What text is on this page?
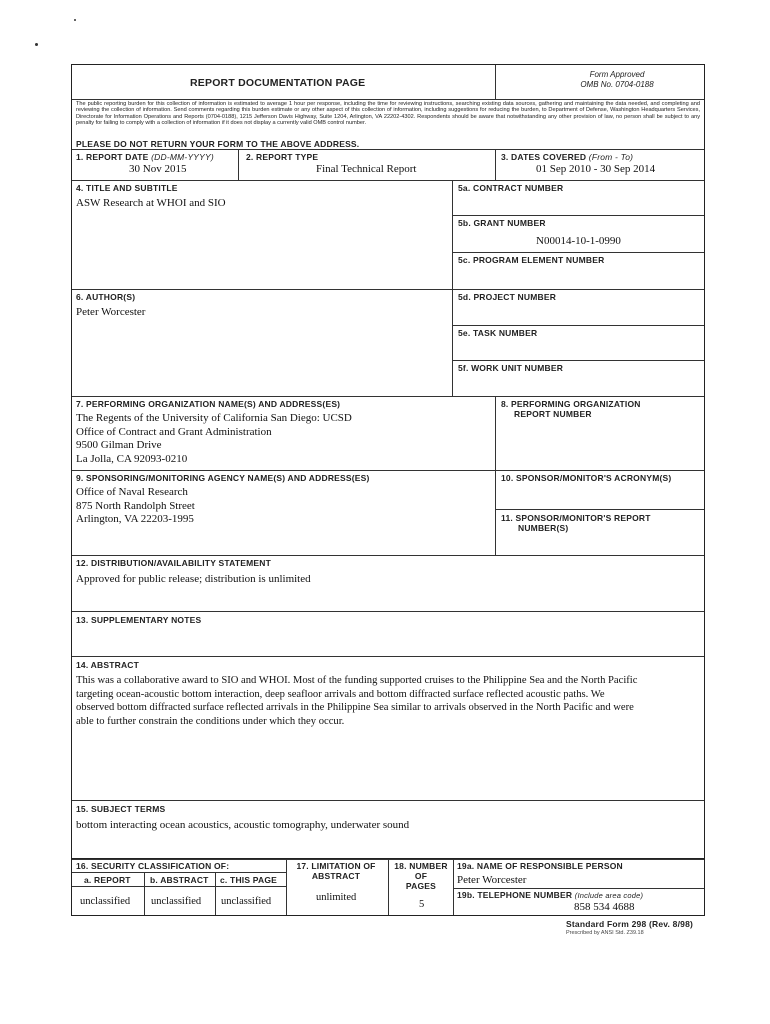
REPORT DOCUMENTATION PAGE
Form Approved
OMB No. 0704-0188
The public reporting burden for this collection of information is estimated to average 1 hour per response, including the time for reviewing instructions, searching existing data sources, gathering and maintaining the data needed, and completing and reviewing the collection of information. Send comments regarding this burden estimate or any other aspect of this collection of information, including suggestions for reducing the burden, to Department of Defense, Washington Headquarters Services, Directorate for Information Operations and Reports (0704-0188), 1215 Jefferson Davis Highway, Suite 1204, Arlington, VA 22202-4302. Respondents should be aware that notwithstanding any other provision of law, no person shall be subject to any penalty for failing to comply with a collection of information if it does not display a currently valid OMB control number.
PLEASE DO NOT RETURN YOUR FORM TO THE ABOVE ADDRESS.
1. REPORT DATE (DD-MM-YYYY)
30 Nov 2015
2. REPORT TYPE
Final Technical Report
3. DATES COVERED (From - To)
01 Sep 2010 - 30 Sep 2014
4. TITLE AND SUBTITLE
ASW Research at WHOI and SIO
5a. CONTRACT NUMBER
5b. GRANT NUMBER
N00014-10-1-0990
5c. PROGRAM ELEMENT NUMBER
6. AUTHOR(S)
Peter Worcester
5d. PROJECT NUMBER
5e. TASK NUMBER
5f. WORK UNIT NUMBER
7. PERFORMING ORGANIZATION NAME(S) AND ADDRESS(ES)
The Regents of the University of California San Diego: UCSD
Office of Contract and Grant Administration
9500 Gilman Drive
La Jolla, CA 92093-0210
8. PERFORMING ORGANIZATION
REPORT NUMBER
9. SPONSORING/MONITORING AGENCY NAME(S) AND ADDRESS(ES)
Office of Naval Research
875 North Randolph Street
Arlington, VA 22203-1995
10. SPONSOR/MONITOR'S ACRONYM(S)
11. SPONSOR/MONITOR'S REPORT
NUMBER(S)
12. DISTRIBUTION/AVAILABILITY STATEMENT
Approved for public release; distribution is unlimited
13. SUPPLEMENTARY NOTES
14. ABSTRACT
This was a collaborative award to SIO and WHOI. Most of the funding supported cruises to the Philippine Sea and the North Pacific
targeting ocean-acoustic bottom interaction, deep seafloor arrivals and bottom diffracted surface reflected acoustic paths. We
observed bottom diffracted surface reflected arrivals in the Philippine Sea similar to arrivals observed in the North Pacific and were
able to further constrain the conditions under which they occur.
15. SUBJECT TERMS
bottom interacting ocean acoustics, acoustic tomography, underwater sound
16. SECURITY CLASSIFICATION OF:
a. REPORT b. ABSTRACT c. THIS PAGE
unclassified unclassified unclassified
17. LIMITATION OF
ABSTRACT
unlimited
18. NUMBER
OF
PAGES
5
19a. NAME OF RESPONSIBLE PERSON
Peter Worcester
19b. TELEPHONE NUMBER (Include area code)
858 534 4688
Standard Form 298 (Rev. 8/98)
Prescribed by ANSI Std. Z39.18
